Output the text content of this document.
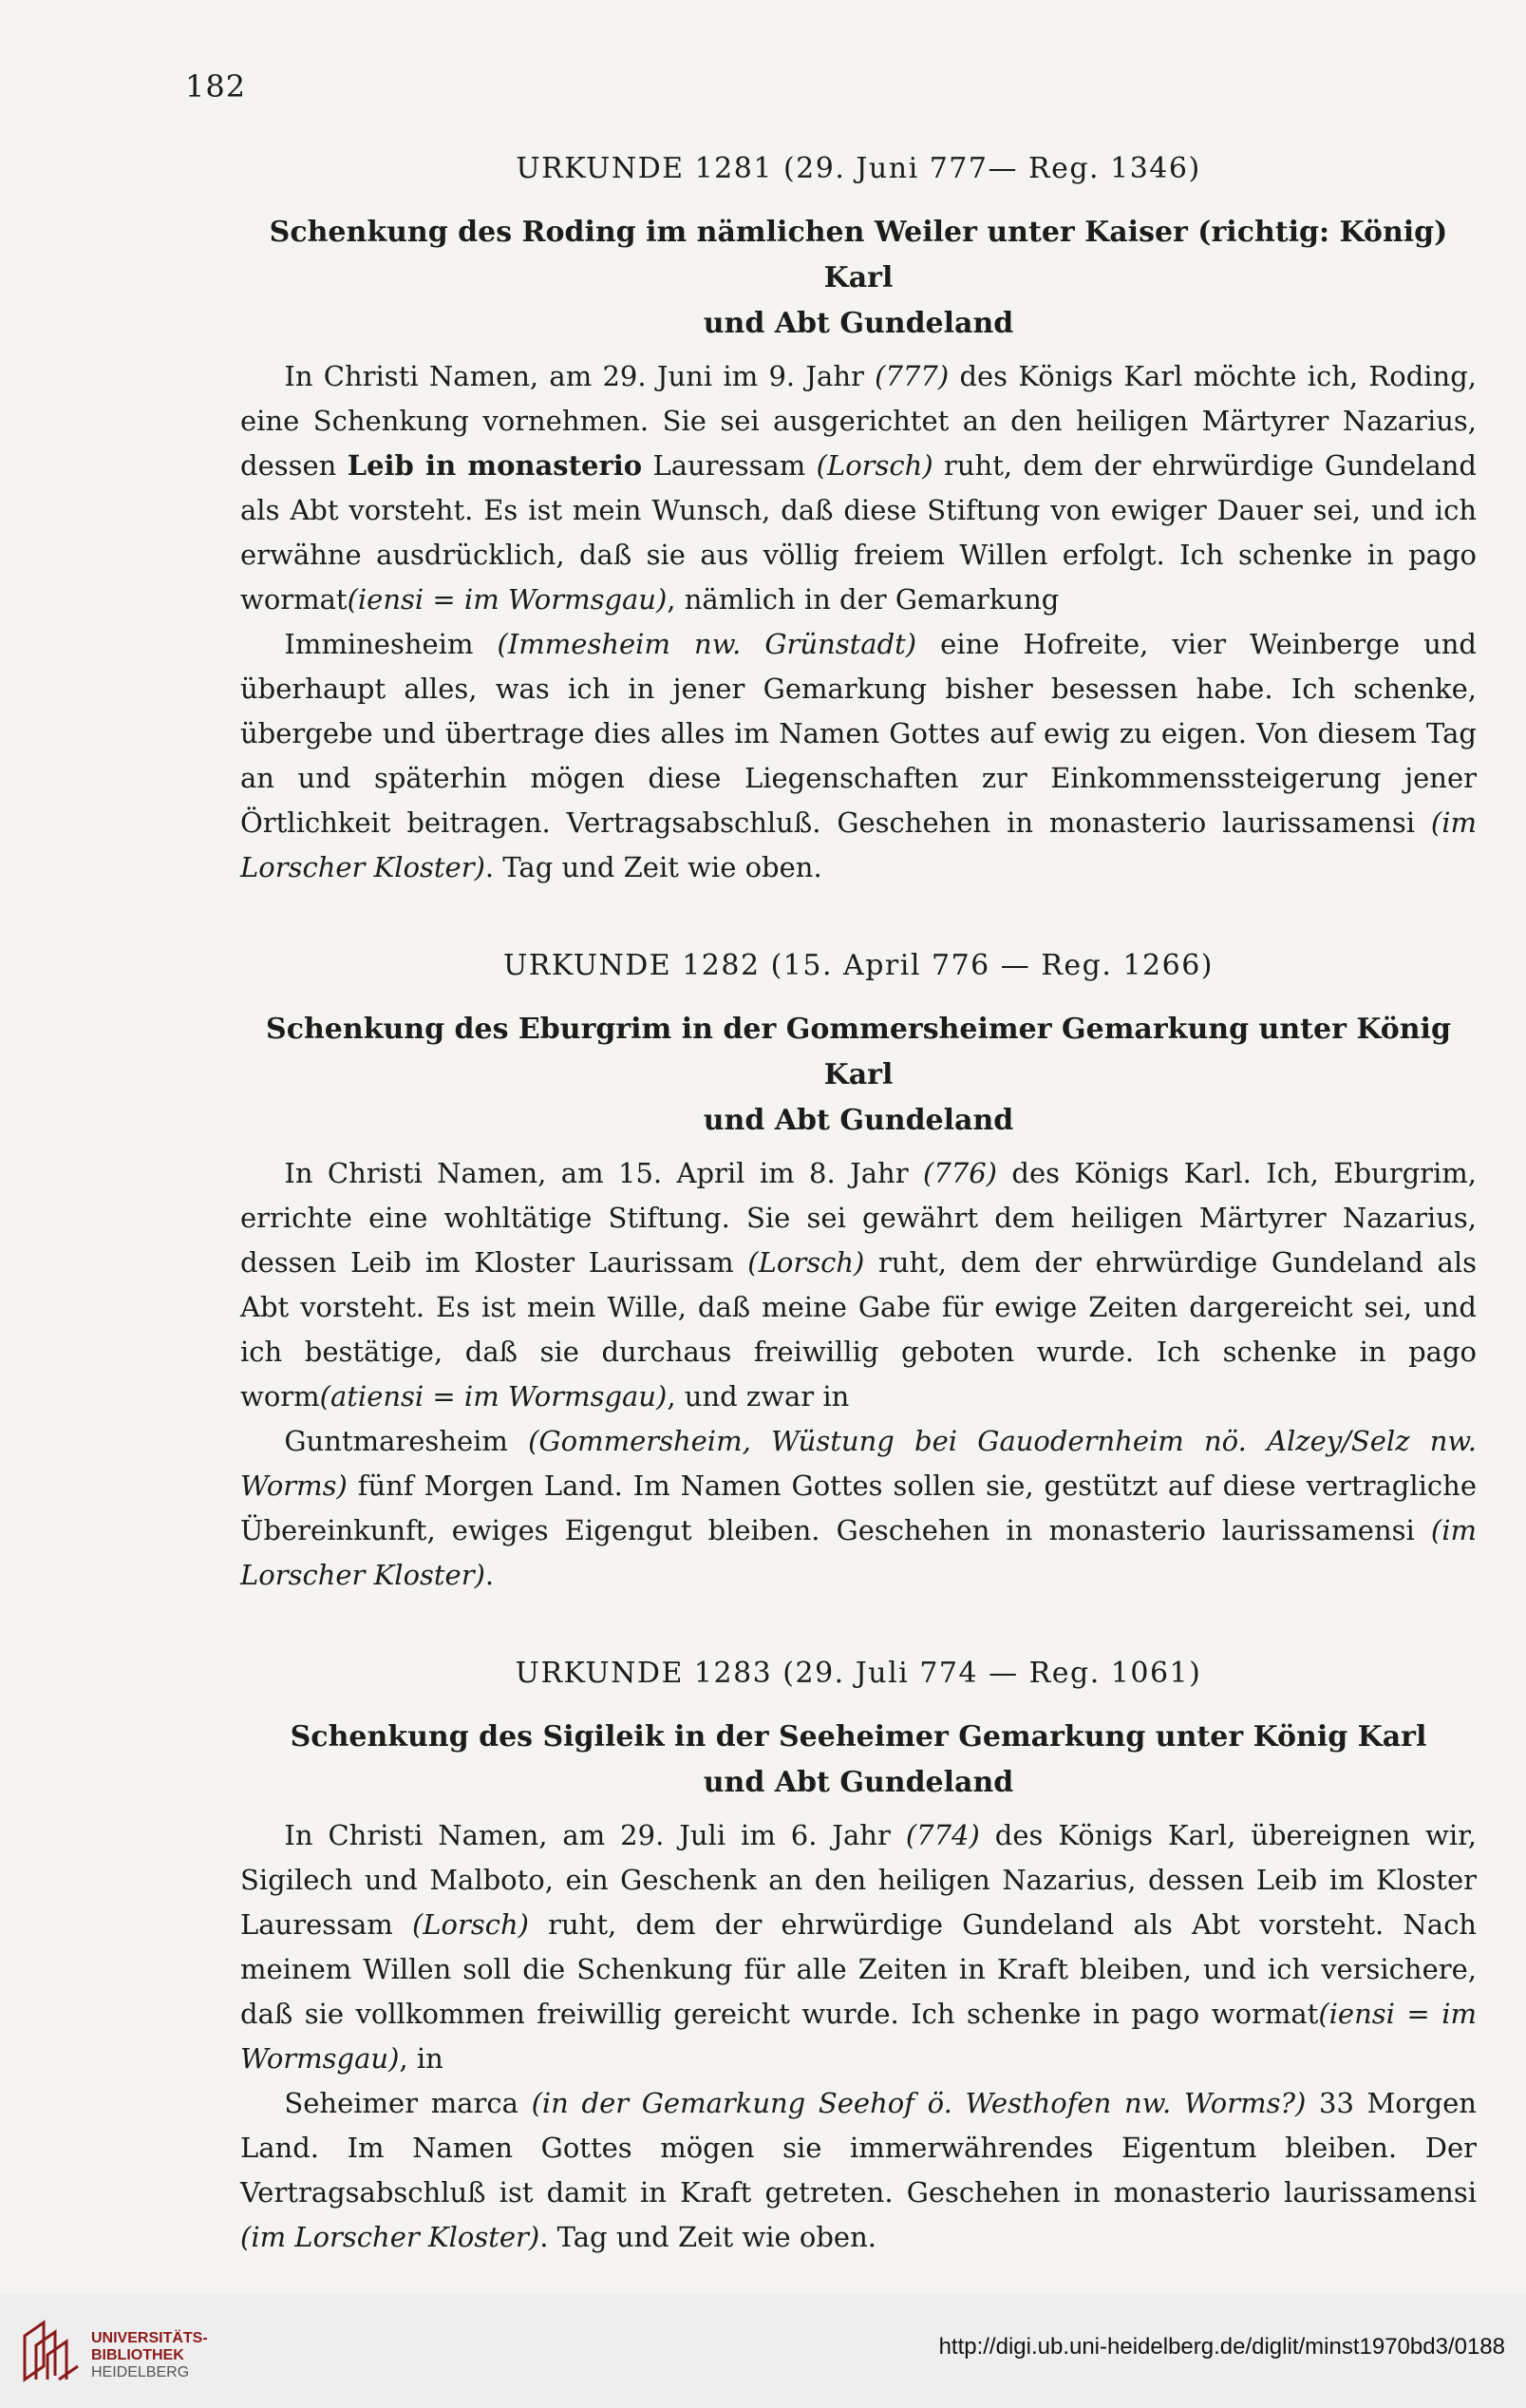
182
URKUNDE 1281 (29. Juni 777— Reg. 1346)
Schenkung des Roding im nämlichen Weiler unter Kaiser (richtig: König) Karl
und Abt Gundeland

In Christi Namen, am 29. Juni im 9. Jahr (777) des Königs Karl möchte ich, Roding, eine Schenkung vornehmen. Sie sei ausgerichtet an den heiligen Märtyrer Nazarius, dessen Leib in monasterio Lauressam (Lorsch) ruht, dem der ehrwürdige Gundeland als Abt vorsteht. Es ist mein Wunsch, daß diese Stiftung von ewiger Dauer sei, und ich erwähne ausdrücklich, daß sie aus völlig freiem Willen erfolgt. Ich schenke in pago wormat(iensi = im Wormsgau), nämlich in der Gemarkung

Imminesheim (Immesheim nw. Grünstadt) eine Hofreite, vier Weinberge und überhaupt alles, was ich in jener Gemarkung bisher besessen habe. Ich schenke, übergebe und übertrage dies alles im Namen Gottes auf ewig zu eigen. Von diesem Tag an und späterhin mögen diese Liegenschaften zur Einkommenssteigerung jener Örtlichkeit beitragen. Vertragsabschluß. Geschehen in monasterio laurissamensi (im Lorscher Kloster). Tag und Zeit wie oben.

URKUNDE 1282 (15. April 776 — Reg. 1266)
Schenkung des Eburgrim in der Gommersheimer Gemarkung unter König Karl
und Abt Gundeland

In Christi Namen, am 15. April im 8. Jahr (776) des Königs Karl. Ich, Eburgrim, errichte eine wohltätige Stiftung. Sie sei gewährt dem heiligen Märtyrer Nazarius, dessen Leib im Kloster Laurissam (Lorsch) ruht, dem der ehrwürdige Gundeland als Abt vorsteht. Es ist mein Wille, daß meine Gabe für ewige Zeiten dargereicht sei, und ich bestätige, daß sie durchaus freiwillig geboten wurde. Ich schenke in pago worm(atiensi = im Wormsgau), und zwar in

Guntmaresheim (Gommersheim, Wüstung bei Gauodernheim nö. Alzey/Selz nw. Worms) fünf Morgen Land. Im Namen Gottes sollen sie, gestützt auf diese vertragliche Übereinkunft, ewiges Eigengut bleiben. Geschehen in monasterio laurissamensi (im Lorscher Kloster).

URKUNDE 1283 (29. Juli 774 — Reg. 1061)
Schenkung des Sigileik in der Seeheimer Gemarkung unter König Karl
und Abt Gundeland

In Christi Namen, am 29. Juli im 6. Jahr (774) des Königs Karl, übereignen wir, Sigilech und Malboto, ein Geschenk an den heiligen Nazarius, dessen Leib im Kloster Lauressam (Lorsch) ruht, dem der ehrwürdige Gundeland als Abt vorsteht. Nach meinem Willen soll die Schenkung für alle Zeiten in Kraft bleiben, und ich versichere, daß sie vollkommen freiwillig gereicht wurde. Ich schenke in pago wormat(iensi = im Wormsgau), in

Seheimer marca (in der Gemarkung Seehof ö. Westhofen nw. Worms?) 33 Morgen Land. Im Namen Gottes mögen sie immerwährendes Eigentum bleiben. Der Vertragsabschluß ist damit in Kraft getreten. Geschehen in monasterio laurissamensi (im Lorscher Kloster). Tag und Zeit wie oben.

UNIVERSITÄTS-
BIBLIOTHEK
HEIDELBERG
http://digi.ub.uni-heidelberg.de/diglit/minst1970bd3/0188
